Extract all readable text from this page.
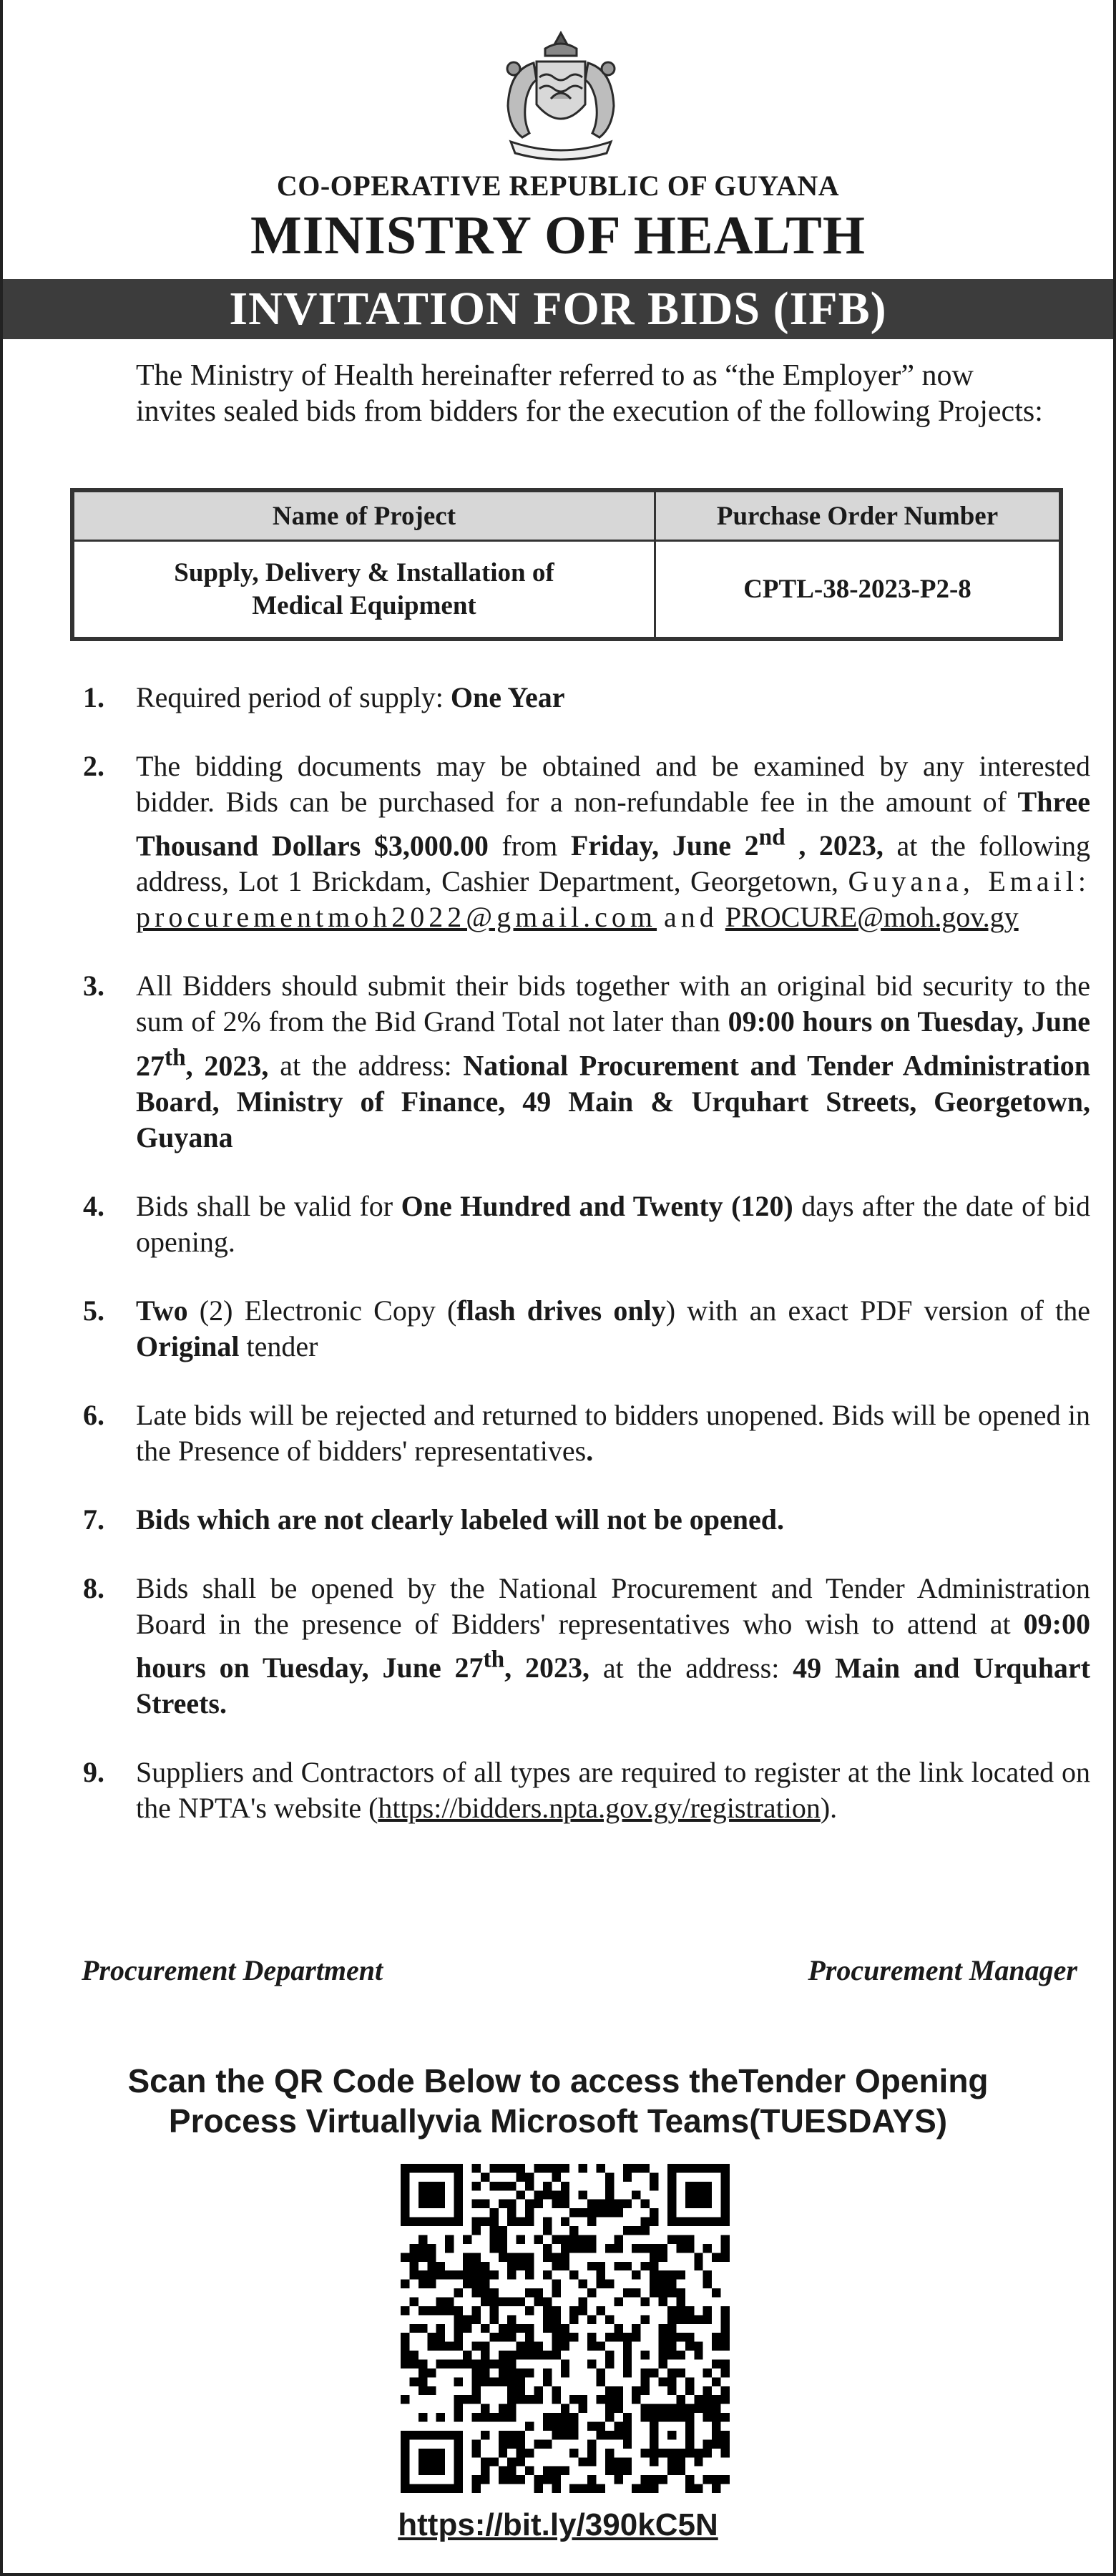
CO-OPERATIVE REPUBLIC OF GUYANA
MINISTRY OF HEALTH
INVITATION FOR BIDS (IFB)
The Ministry of Health hereinafter referred to as “the Employer” now invites sealed bids from bidders for the execution of the following Projects:
Name of Project	Purchase Order Number
Supply, Delivery & Installation of
Medical Equipment	CPTL-38-2023-P2-8
1. Required period of supply: One Year
2. The bidding documents may be obtained and be examined by any interested bidder. Bids can be purchased for a non-refundable fee in the amount of Three Thousand Dollars $3,000.00 from Friday, June 2nd , 2023, at the following address, Lot 1 Brickdam, Cashier Department, Georgetown, Guyana, Email: procurementmoh2022@gmail.com and PROCURE@moh.gov.gy
3. All Bidders should submit their bids together with an original bid security to the sum of 2% from the Bid Grand Total not later than 09:00 hours on Tuesday, June 27th, 2023, at the address: National Procurement and Tender Administration Board, Ministry of Finance, 49 Main & Urquhart Streets, Georgetown, Guyana
4. Bids shall be valid for One Hundred and Twenty (120) days after the date of bid opening.
5. Two (2) Electronic Copy (flash drives only) with an exact PDF version of the Original tender
6. Late bids will be rejected and returned to bidders unopened. Bids will be opened in the Presence of bidders' representatives.
7. Bids which are not clearly labeled will not be opened.
8. Bids shall be opened by the National Procurement and Tender Administration Board in the presence of Bidders' representatives who wish to attend at 09:00 hours on Tuesday, June 27th, 2023, at the address: 49 Main and Urquhart Streets.
9. Suppliers and Contractors of all types are required to register at the link located on the NPTA's website (https://bidders.npta.gov.gy/registration).
Procurement Department	Procurement Manager
Scan the QR Code Below to access theTender Opening
Process Virtuallyvia Microsoft Teams(TUESDAYS)
https://bit.ly/390kC5N
